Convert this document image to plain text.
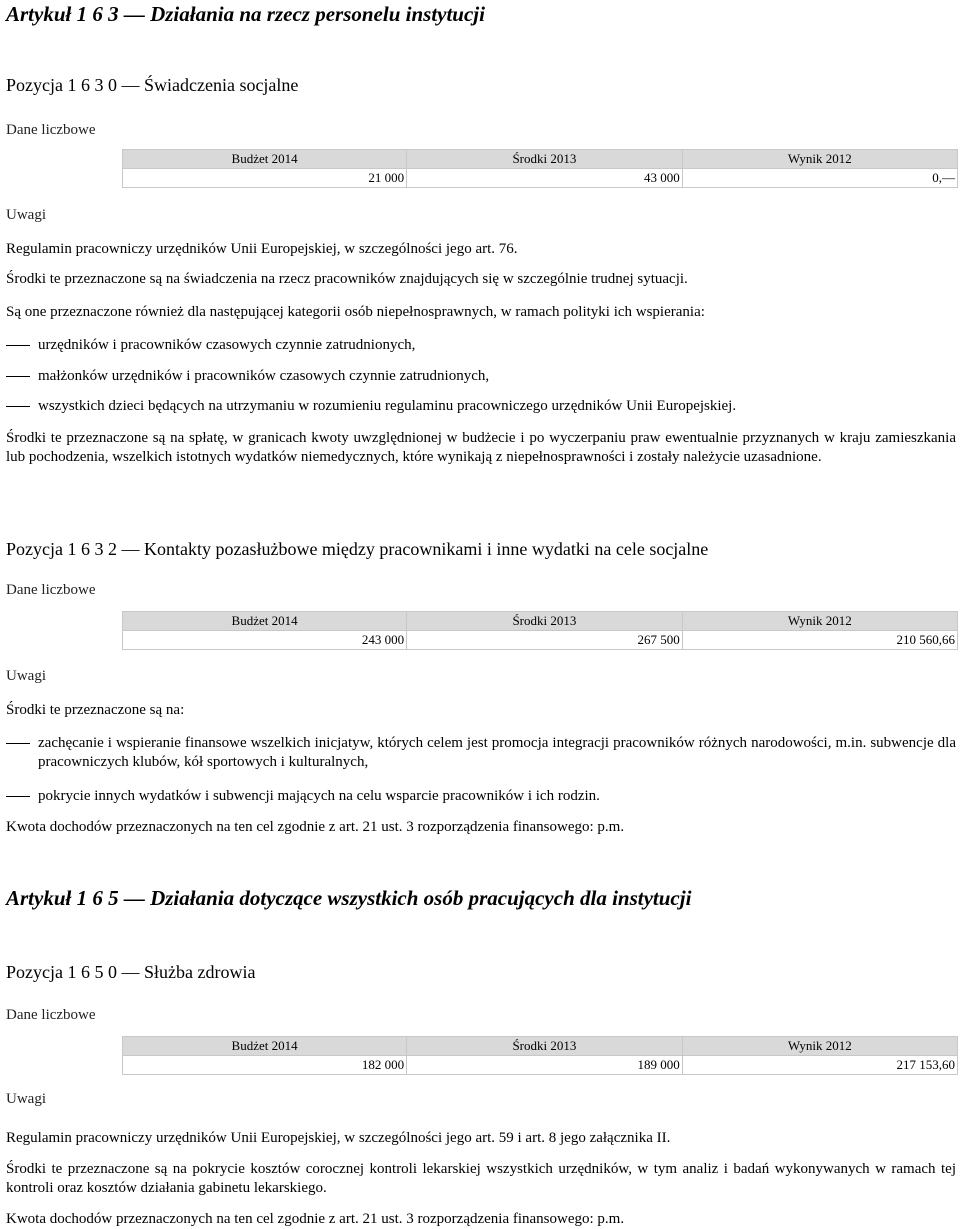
Artykuł 1 6 3 — Działania na rzecz personelu instytucji
Pozycja 1 6 3 0 — Świadczenia socjalne
Dane liczbowe
Budżet 2014	Środki 2013	Wynik 2012
21 000	43 000	0,—
Uwagi

Regulamin pracowniczy urzędników Unii Europejskiej, w szczególności jego art. 76.

Środki te przeznaczone są na świadczenia na rzecz pracowników znajdujących się w szczególnie trudnej sytuacji.

Są one przeznaczone również dla następującej kategorii osób niepełnosprawnych, w ramach polityki ich wspierania:

urzędników i pracowników czasowych czynnie zatrudnionych,
małżonków urzędników i pracowników czasowych czynnie zatrudnionych,
wszystkich dzieci będących na utrzymaniu w rozumieniu regulaminu pracowniczego urzędników Unii Europejskiej.

Środki te przeznaczone są na spłatę, w granicach kwoty uwzględnionej w budżecie i po wyczerpaniu praw ewentualnie przyznanych w kraju zamieszkania lub pochodzenia, wszelkich istotnych wydatków niemedycznych, które wynikają z niepełnosprawności i zostały należycie uzasadnione.

Pozycja 1 6 3 2 — Kontakty pozasłużbowe między pracownikami i inne wydatki na cele socjalne
Dane liczbowe
Budżet 2014	Środki 2013	Wynik 2012
243 000	267 500	210 560,66
Uwagi

Środki te przeznaczone są na:

zachęcanie i wspieranie finansowe wszelkich inicjatyw, których celem jest promocja integracji pracowników różnych narodowości, m.in. subwencje dla pracowniczych klubów, kół sportowych i kulturalnych,
pokrycie innych wydatków i subwencji mających na celu wsparcie pracowników i ich rodzin.

Kwota dochodów przeznaczonych na ten cel zgodnie z art. 21 ust. 3 rozporządzenia finansowego: p.m.

Artykuł 1 6 5 — Działania dotyczące wszystkich osób pracujących dla instytucji
Pozycja 1 6 5 0 — Służba zdrowia
Dane liczbowe
Budżet 2014	Środki 2013	Wynik 2012
182 000	189 000	217 153,60
Uwagi

Regulamin pracowniczy urzędników Unii Europejskiej, w szczególności jego art. 59 i art. 8 jego załącznika II.

Środki te przeznaczone są na pokrycie kosztów corocznej kontroli lekarskiej wszystkich urzędników, w tym analiz i badań wykonywanych w ramach tej kontroli oraz kosztów działania gabinetu lekarskiego.

Kwota dochodów przeznaczonych na ten cel zgodnie z art. 21 ust. 3 rozporządzenia finansowego: p.m.
